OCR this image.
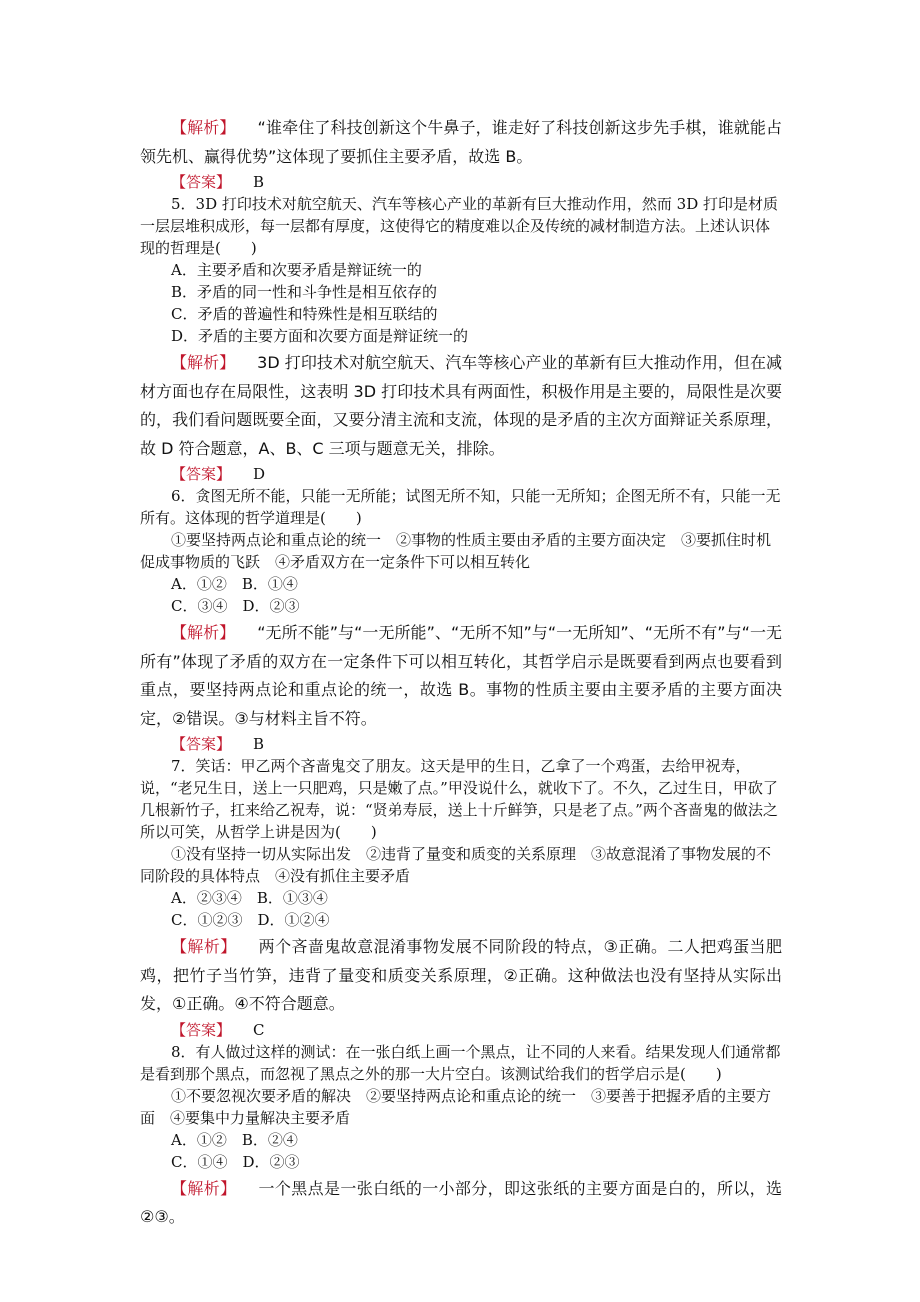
【解析】 “谁牵住了科技创新这个牛鼻子，谁走好了科技创新这步先手棋，谁就能占领先机、赢得优势”这体现了要抓住主要矛盾，故选 B。

【答案】 B

5．3D 打印技术对航空航天、汽车等核心产业的革新有巨大推动作用，然而 3D 打印是材质一层层堆积成形，每一层都有厚度，这使得它的精度难以企及传统的减材制造方法。上述认识体现的哲理是(　　)

A．主要矛盾和次要矛盾是辩证统一的

B．矛盾的同一性和斗争性是相互依存的

C．矛盾的普遍性和特殊性是相互联结的

D．矛盾的主要方面和次要方面是辩证统一的

【解析】 3D 打印技术对航空航天、汽车等核心产业的革新有巨大推动作用，但在减材方面也存在局限性，这表明 3D 打印技术具有两面性，积极作用是主要的，局限性是次要的，我们看问题既要全面，又要分清主流和支流，体现的是矛盾的主次方面辩证关系原理，故 D 符合题意，A、B、C 三项与题意无关，排除。

【答案】 D

6．贪图无所不能，只能一无所能；试图无所不知，只能一无所知；企图无所不有，只能一无所有。这体现的哲学道理是(　　)

①要坚持两点论和重点论的统一　②事物的性质主要由矛盾的主要方面决定　③要抓住时机促成事物质的飞跃　④矛盾双方在一定条件下可以相互转化

A．①②　B．①④

C．③④　D．②③

【解析】 “无所不能”与“一无所能”、“无所不知”与“一无所知”、“无所不有”与“一无所有”体现了矛盾的双方在一定条件下可以相互转化，其哲学启示是既要看到两点也要看到重点，要坚持两点论和重点论的统一，故选 B。事物的性质主要由主要矛盾的主要方面决定，②错误。③与材料主旨不符。

【答案】 B

7．笑话：甲乙两个吝啬鬼交了朋友。这天是甲的生日，乙拿了一个鸡蛋，去给甲祝寿，说，“老兄生日，送上一只肥鸡，只是嫩了点。”甲没说什么，就收下了。不久，乙过生日，甲砍了几根新竹子，扛来给乙祝寿，说：“贤弟寿辰，送上十斤鲜笋，只是老了点。”两个吝啬鬼的做法之所以可笑，从哲学上讲是因为(　　)

①没有坚持一切从实际出发　②违背了量变和质变的关系原理　③故意混淆了事物发展的不同阶段的具体特点　④没有抓住主要矛盾

A．②③④　B．①③④

C．①②③　D．①②④

【解析】 两个吝啬鬼故意混淆事物发展不同阶段的特点，③正确。二人把鸡蛋当肥鸡，把竹子当竹笋，违背了量变和质变关系原理，②正确。这种做法也没有坚持从实际出发，①正确。④不符合题意。

【答案】 C

8．有人做过这样的测试：在一张白纸上画一个黑点，让不同的人来看。结果发现人们通常都是看到那个黑点，而忽视了黑点之外的那一大片空白。该测试给我们的哲学启示是(　　)

①不要忽视次要矛盾的解决　②要坚持两点论和重点论的统一　③要善于把握矛盾的主要方面　④要集中力量解决主要矛盾

A．①②　B．②④

C．①④　D．②③

【解析】 一个黑点是一张白纸的一小部分，即这张纸的主要方面是白的，所以，选②③。
